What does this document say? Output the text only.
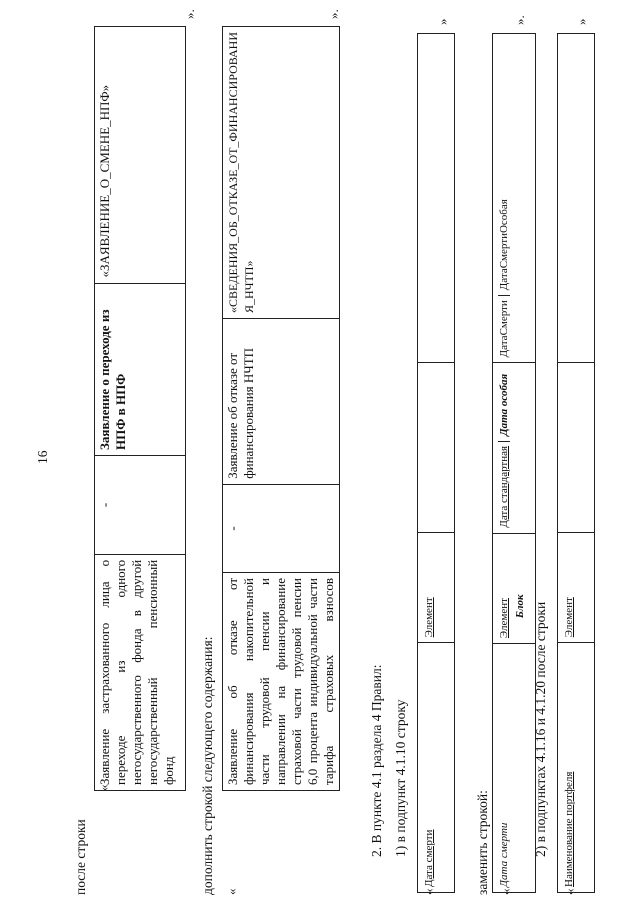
16
после строки
«
Заявление застрахованного лица о
переходе из одного
негосударственного фонда в другой
негосударственный пенсионный
фонд	-	Заявление о переходе из
НПФ в НПФ	«ЗАЯВЛЕНИЕ_О_СМЕНЕ_НПФ»
».
дополнить строкой следующего содержания: «
Заявление об отказе от
финансирования накопительной
части трудовой пенсии и
направлении на финансирование
страховой части трудовой пенсии
6,0 процента индивидуальной части
тарифа страховых взносов	-	Заявление об отказе от
финансирования НЧТП	«СВЕДЕНИЯ_ОБ_ОТКАЗЕ_ОТ_ФИНАНСИРОВАНИ Я_НЧТП»
».
2. В пункте 4.1 раздела 4 Правил: 1) в подпункт 4.1.10 строку
«
Дата смерти	Элемент		
»
заменить строкой: «
Дата смерти	Элемент Блок	Дата стандартнаяДата особая	ДатаСмертиДатаСмертиОсобая
».
2) в подпунктах 4.1.16 и 4.1.20 после строки
«
Наименование портфеля	Элемент		
»
